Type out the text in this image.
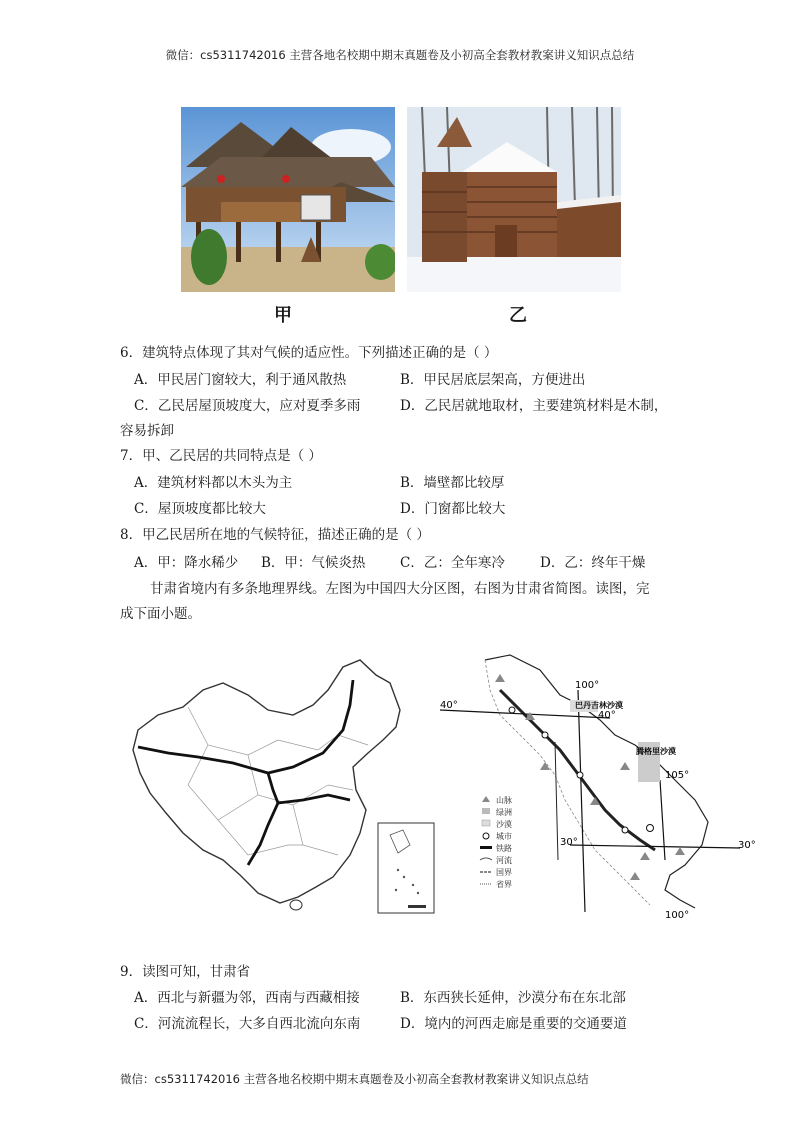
微信：cs5311742016 主营各地名校期中期末真题卷及小初高全套教材教案讲义知识点总结
甲	乙
6．建筑特点体现了其对气候的适应性。下列描述正确的是（ ）
A．甲民居门窗较大，利于通风散热	B．甲民居底层架高，方便进出
C．乙民居屋顶坡度大，应对夏季多雨	D．乙民居就地取材，主要建筑材料是木制，
容易拆卸
7．甲、乙民居的共同特点是（ ）
A．建筑材料都以木头为主	B．墙壁都比较厚
C．屋顶坡度都比较大	D．门窗都比较大
8．甲乙民居所在地的气候特征，描述正确的是（ ）
A．甲：降水稀少 B．甲：气候炎热	C．乙：全年寒冷	D．乙：终年干燥
甘肃省境内有多条地理界线。左图为中国四大分区图，右图为甘肃省简图。读图，完
成下面小题。
100°
105°
40°
40°
30°	30°
100°
巴丹吉林沙漠
腾格里沙漠
山脉
绿洲
沙漠
城市
铁路
河流
国界
省界
9．读图可知，甘肃省
A．西北与新疆为邻，西南与西藏相接	B．东西狭长延伸，沙漠分布在东北部
C．河流流程长，大多自西北流向东南	D．境内的河西走廊是重要的交通要道
微信：cs5311742016 主营各地名校期中期末真题卷及小初高全套教材教案讲义知识点总结
